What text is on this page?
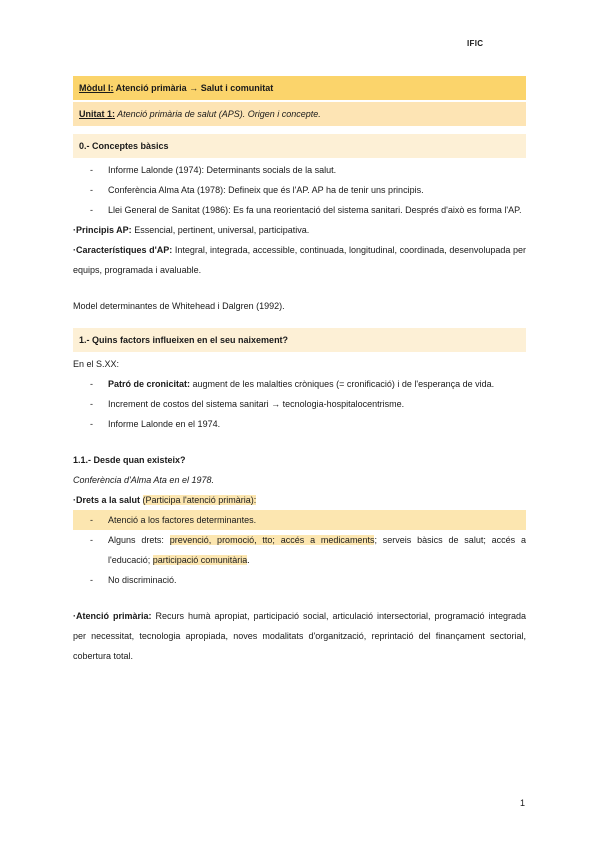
IFIC
Mòdul I: Atenció primària → Salut i comunitat
Unitat 1: Atenció primària de salut (APS). Origen i concepte.
0.- Conceptes bàsics
- Informe Lalonde (1974): Determinants socials de la salut.
- Conferència Alma Ata (1978): Defineix que és l'AP. AP ha de tenir uns principis.
- Llei General de Sanitat (1986): Es fa una reorientació del sistema sanitari. Després d'això es forma l'AP.

·Principis AP: Essencial, pertinent, universal, participativa.

·Característiques d'AP: Integral, integrada, accessible, continuada, longitudinal, coordinada, desenvolupada per equips, programada i avaluable.

Model determinantes de Whitehead i Dalgren (1992).

1.- Quins factors influeixen en el seu naixement?

En el S.XX:

- Patró de cronicitat: augment de les malalties cròniques (= cronificació) i de l'esperança de vida.
- Increment de costos del sistema sanitari → tecnologia-hospitalocentrisme.
- Informe Lalonde en el 1974.

1.1.- Desde quan existeix?

Conferència d'Alma Ata en el 1978.

·Drets a la salut (Participa l'atenció primària):

- Atenció a los factores determinantes.
- Alguns drets: prevenció, promoció, tto; accés a medicaments; serveis bàsics de salut; accés a l'educació; participació comunitària.
- No discriminació.

·Atenció primària: Recurs humà apropiat, participació social, articulació intersectorial, programació integrada per necessitat, tecnologia apropiada, noves modalitats d'organització, reprintació del finançament sectorial, cobertura total.

1
